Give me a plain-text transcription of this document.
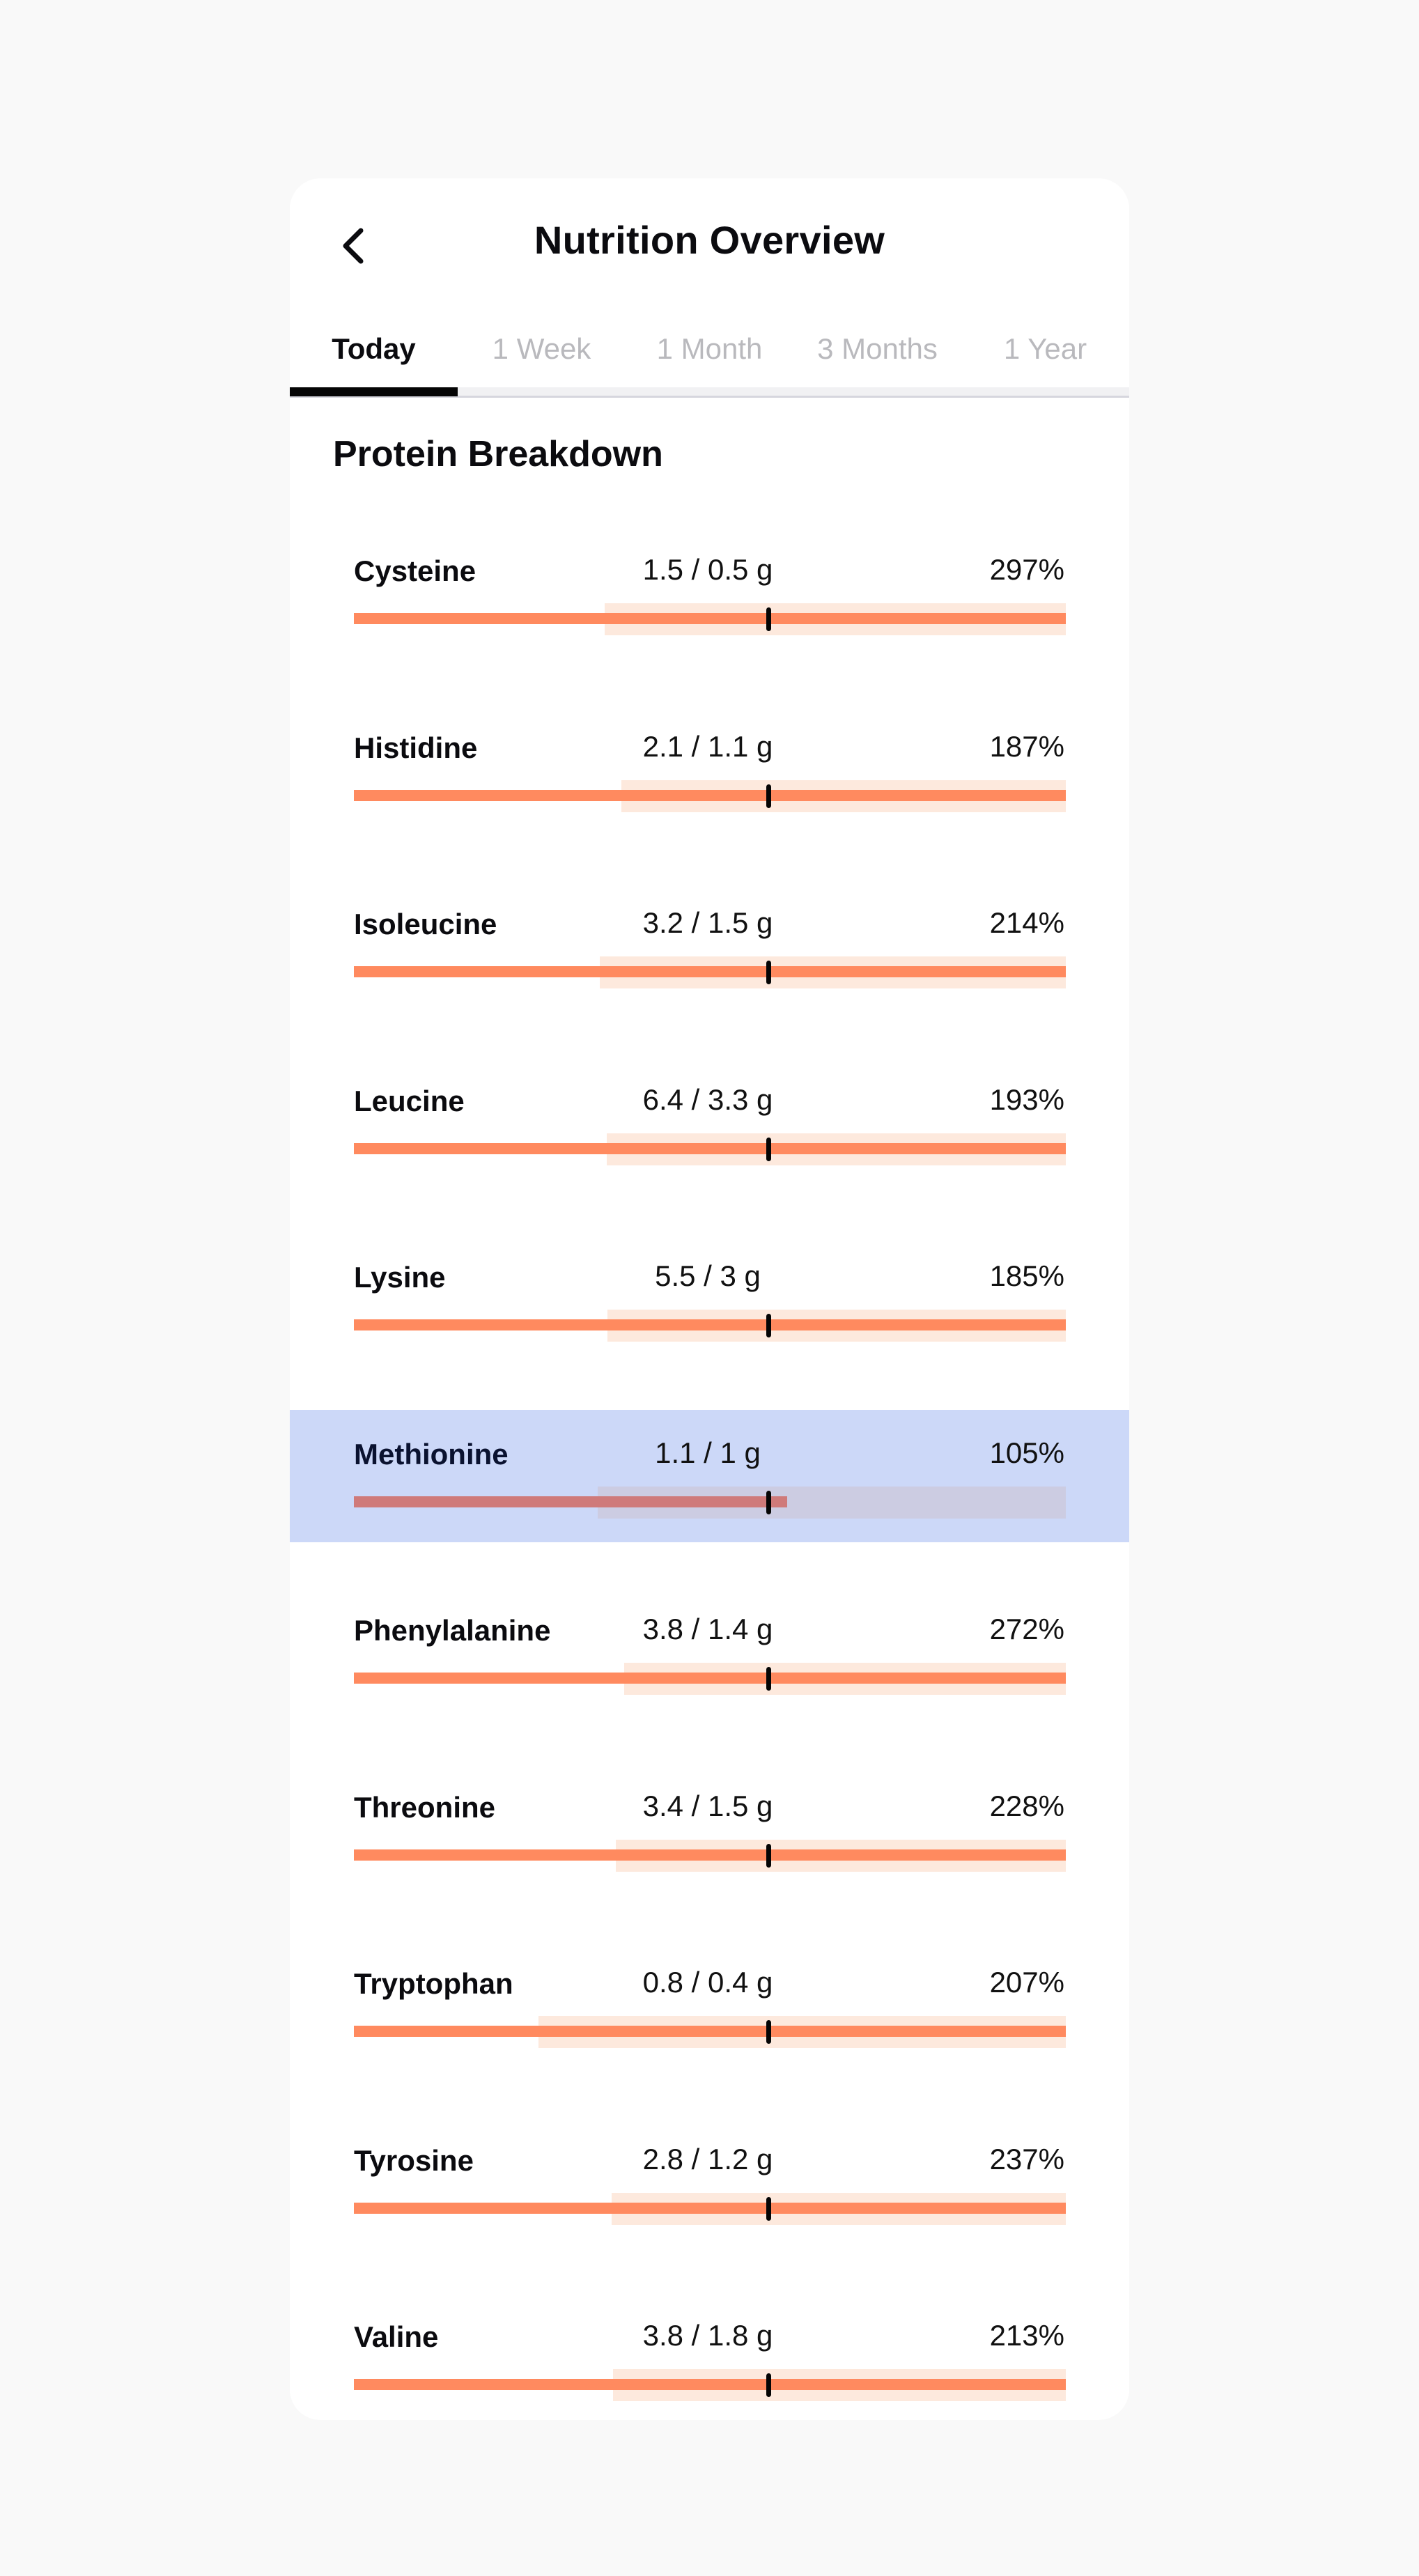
Nutrition Overview
Today	1 Week	1 Month	3 Months	1 Year
Protein Breakdown
Cysteine	1.5 / 0.5 g	297%
Histidine	2.1 / 1.1 g	187%
Isoleucine	3.2 / 1.5 g	214%
Leucine	6.4 / 3.3 g	193%
Lysine	5.5 / 3 g	185%
Methionine	1.1 / 1 g	105%
Phenylalanine	3.8 / 1.4 g	272%
Threonine	3.4 / 1.5 g	228%
Tryptophan	0.8 / 0.4 g	207%
Tyrosine	2.8 / 1.2 g	237%
Valine	3.8 / 1.8 g	213%
